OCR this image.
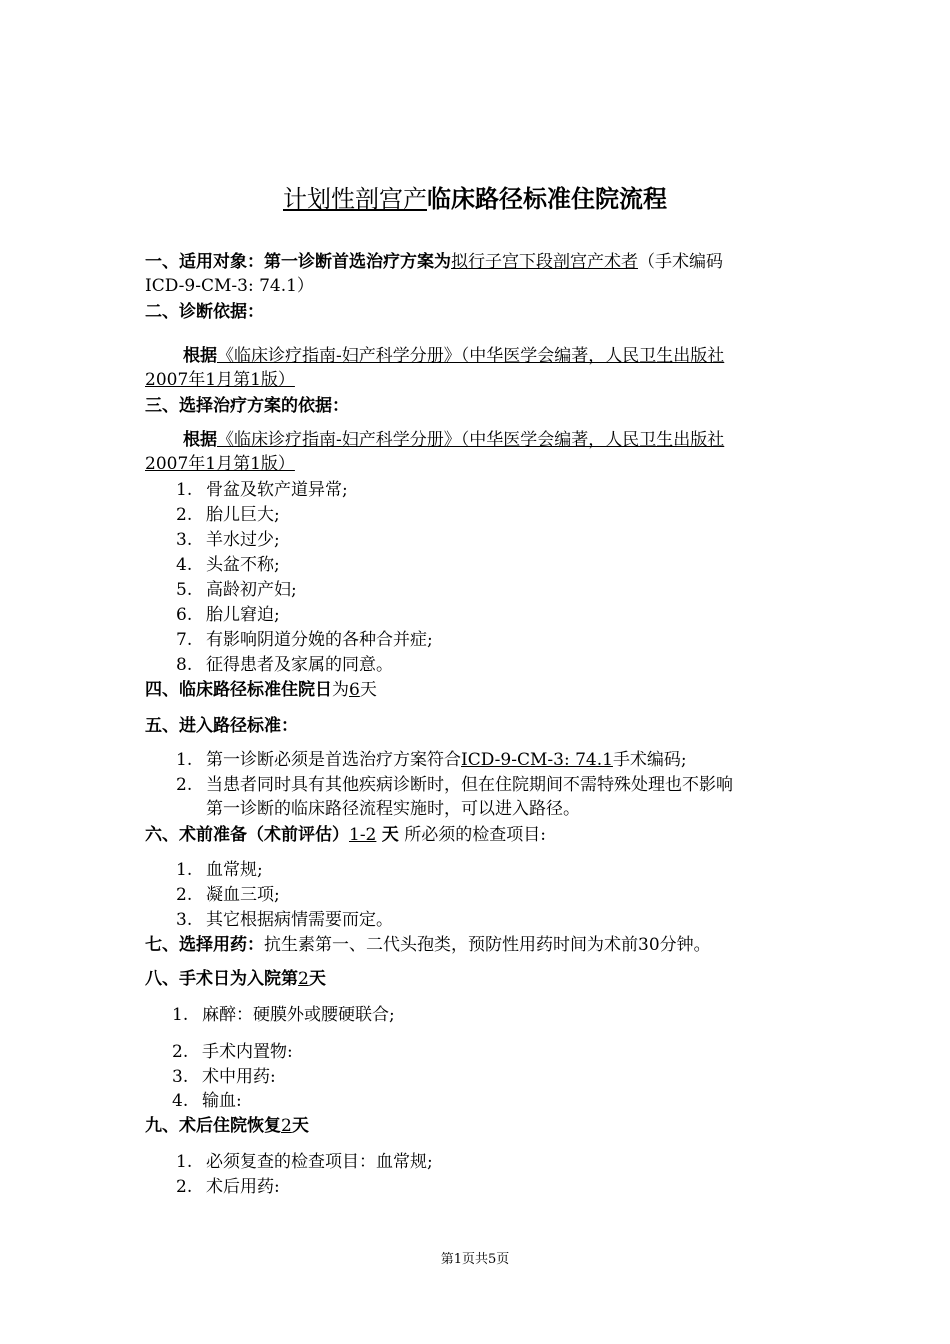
计划性剖宫产临床路径标准住院流程
一、适用对象：第一诊断首选治疗方案为拟行子宫下段剖宫产术者（手术编码
ICD-9-CM-3: 74.1）
二、诊断依据：
根据《临床诊疗指南-妇产科学分册》（中华医学会编著，人民卫生出版社
2007年1月第1版）
三、选择治疗方案的依据：
根据《临床诊疗指南-妇产科学分册》（中华医学会编著，人民卫生出版社
2007年1月第1版）
1. 骨盆及软产道异常;
2. 胎儿巨大;
3. 羊水过少;
4. 头盆不称;
5. 高龄初产妇;
6. 胎儿窘迫;
7. 有影响阴道分娩的各种合并症;
8. 征得患者及家属的同意。
四、临床路径标准住院日为6天
五、进入路径标准：
1. 第一诊断必须是首选治疗方案符合ICD-9-CM-3: 74.1手术编码;
2. 当患者同时具有其他疾病诊断时，但在住院期间不需特殊处理也不影响
第一诊断的临床路径流程实施时，可以进入路径。
六、术前准备（术前评估）1-2 天 所必须的检查项目:
1. 血常规;
2. 凝血三项;
3. 其它根据病情需要而定。
七、选择用药：抗生素第一、二代头孢类，预防性用药时间为术前30分钟。
八、手术日为入院第2天
1. 麻醉：硬膜外或腰硬联合;
2. 手术内置物:
3. 术中用药:
4. 输血:
九、术后住院恢复2天
1. 必须复查的检查项目：血常规;
2. 术后用药:
第1页共5页
